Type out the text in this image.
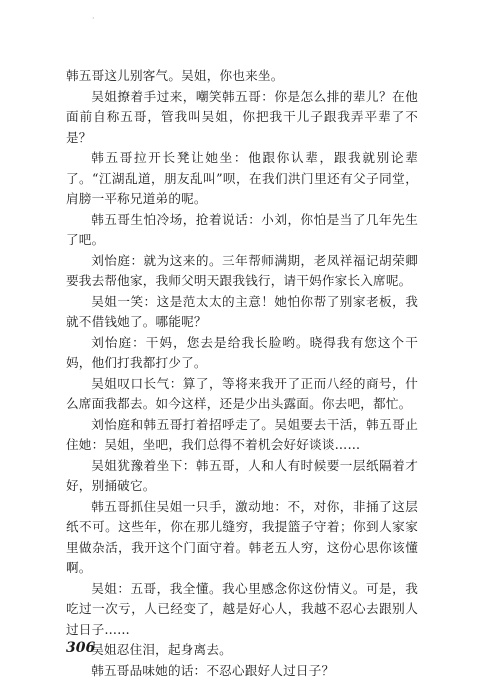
·

韩五哥这儿别客气。吴姐，你也来坐。

吴姐撩着手过来，嘲笑韩五哥：你是怎么排的辈儿？在他面前自称五哥，管我叫吴姐，你把我干儿子跟我弄平辈了不是？

韩五哥拉开长凳让她坐：他跟你认辈，跟我就别论辈了。“江湖乱道，朋友乱叫”呗，在我们洪门里还有父子同堂，肩膀一平称兄道弟的呢。

韩五哥生怕冷场，抢着说话：小刘，你怕是当了几年先生了吧。

刘怡庭：就为这来的。三年帮师满期，老凤祥福记胡荣卿要我去帮他家，我师父明天跟我钱行，请干妈作家长入席呢。

吴姐一笑：这是范太太的主意！她怕你帮了别家老板，我就不借钱她了。哪能呢？

刘怡庭：干妈，您去是给我长脸哟。晓得我有您这个干妈，他们打我都打少了。

吴姐叹口长气：算了，等将来我开了正而八经的商号，什么席面我都去。如今这样，还是少出头露面。你去吧，都忙。

刘怡庭和韩五哥打着招呼走了。吴姐要去干活，韩五哥止住她：吴姐，坐吧，我们总得不着机会好好谈谈……

吴姐犹豫着坐下：韩五哥，人和人有时候要一层纸隔着才好，别捅破它。

韩五哥抓住吴姐一只手，激动地：不，对你，非捅了这层纸不可。这些年，你在那儿缝穷，我提篮子守着；你到人家家里做杂活，我开这个门面守着。韩老五人穷，这份心思你该懂啊。

吴姐：五哥，我全懂。我心里感念你这份情义。可是，我吃过一次亏，人已经变了，越是好心人，我越不忍心去跟别人过日子……

吴姐忍住泪，起身离去。

韩五哥品味她的话：不忍心跟好人过日子？

306
